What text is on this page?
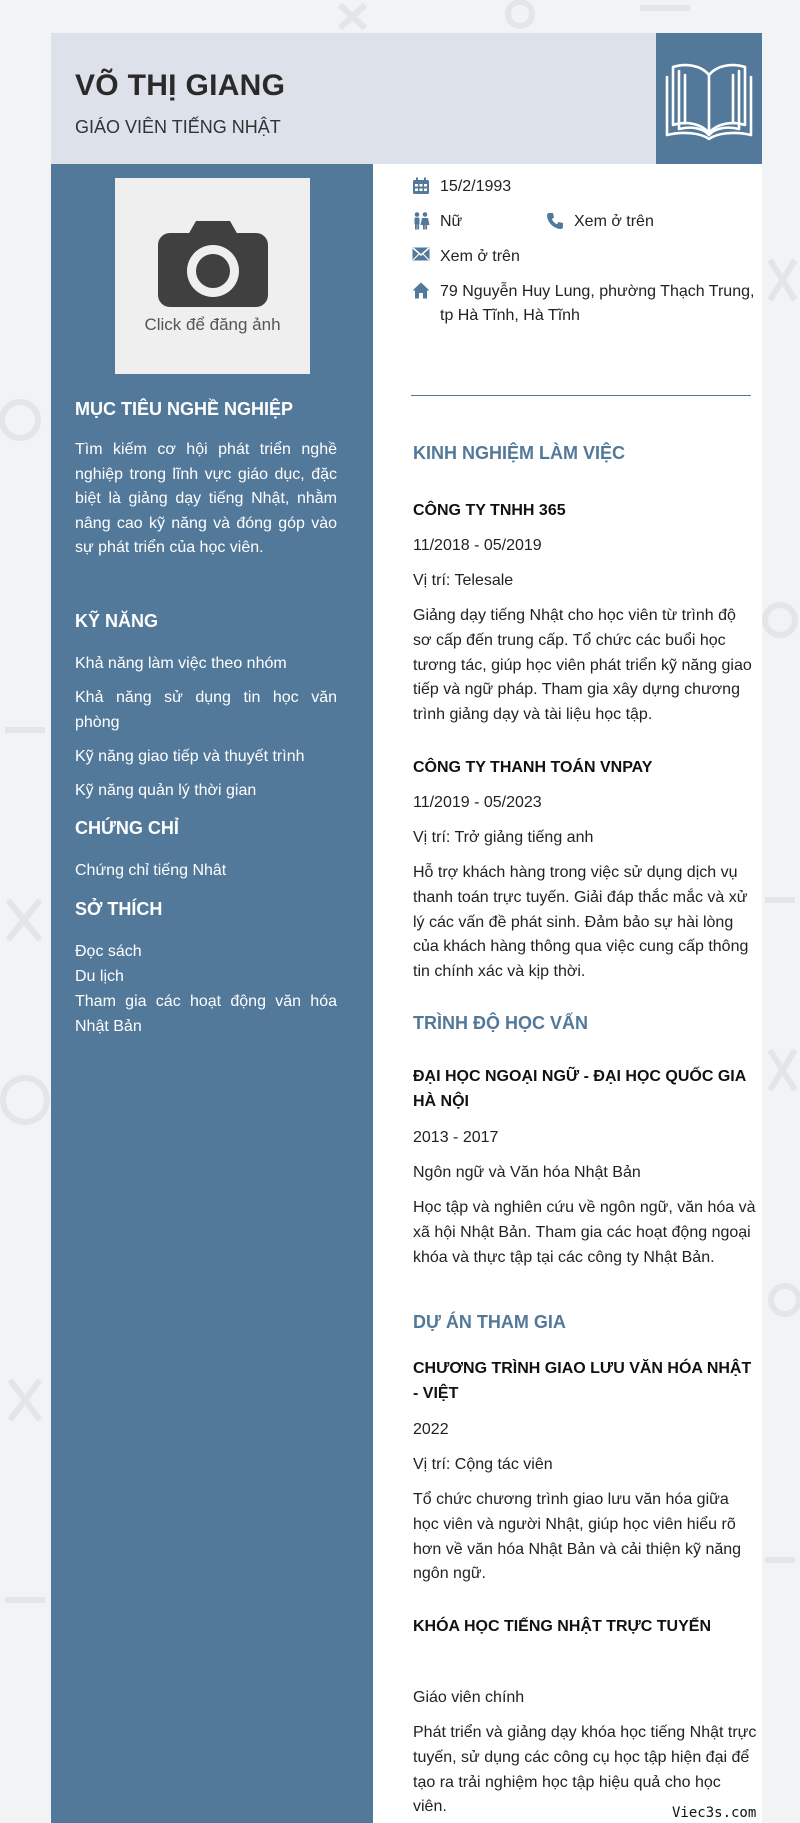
VÕ THỊ GIANG
GIÁO VIÊN TIẾNG NHẬT
Click để đăng ảnh
MỤC TIÊU NGHỀ NGHIỆP
Tìm kiếm cơ hội phát triển nghề nghiệp trong lĩnh vực giáo dục, đặc biệt là giảng dạy tiếng Nhật, nhằm nâng cao kỹ năng và đóng góp vào sự phát triển của học viên.
KỸ NĂNG
Khả năng làm việc theo nhóm
Khả năng sử dụng tin học văn phòng
Kỹ năng giao tiếp và thuyết trình
Kỹ năng quản lý thời gian
CHỨNG CHỈ
Chứng chỉ tiếng Nhât
SỞ THÍCH
Đọc sách
Du lịch
Tham gia các hoạt động văn hóa Nhật Bản
15/2/1993
Nữ	Xem ở trên
Xem ở trên
79 Nguyễn Huy Lung, phường Thạch Trung, tp Hà Tĩnh, Hà Tĩnh
KINH NGHIỆM LÀM VIỆC
CÔNG TY TNHH 365
11/2018 - 05/2019
Vị trí: Telesale
Giảng dạy tiếng Nhật cho học viên từ trình độ sơ cấp đến trung cấp. Tổ chức các buổi học tương tác, giúp học viên phát triển kỹ năng giao tiếp và ngữ pháp. Tham gia xây dựng chương trình giảng dạy và tài liệu học tập.
CÔNG TY THANH TOÁN VNPAY
11/2019 - 05/2023
Vị trí: Trở giảng tiếng anh
Hỗ trợ khách hàng trong việc sử dụng dịch vụ thanh toán trực tuyến. Giải đáp thắc mắc và xử lý các vấn đề phát sinh. Đảm bảo sự hài lòng của khách hàng thông qua việc cung cấp thông tin chính xác và kịp thời.
TRÌNH ĐỘ HỌC VẤN
ĐẠI HỌC NGOẠI NGỮ - ĐẠI HỌC QUỐC GIA HÀ NỘI
2013 - 2017
Ngôn ngữ và Văn hóa Nhật Bản
Học tập và nghiên cứu về ngôn ngữ, văn hóa và xã hội Nhật Bản. Tham gia các hoạt động ngoại khóa và thực tập tại các công ty Nhật Bản.
DỰ ÁN THAM GIA
CHƯƠNG TRÌNH GIAO LƯU VĂN HÓA NHẬT - VIỆT
2022
Vị trí: Cộng tác viên
Tổ chức chương trình giao lưu văn hóa giữa học viên và người Nhật, giúp học viên hiểu rõ hơn về văn hóa Nhật Bản và cải thiện kỹ năng ngôn ngữ.
KHÓA HỌC TIẾNG NHẬT TRỰC TUYẾN
Giáo viên chính
Phát triển và giảng dạy khóa học tiếng Nhật trực tuyến, sử dụng các công cụ học tập hiện đại để tạo ra trải nghiệm học tập hiệu quả cho học viên.	Viec3s.com
